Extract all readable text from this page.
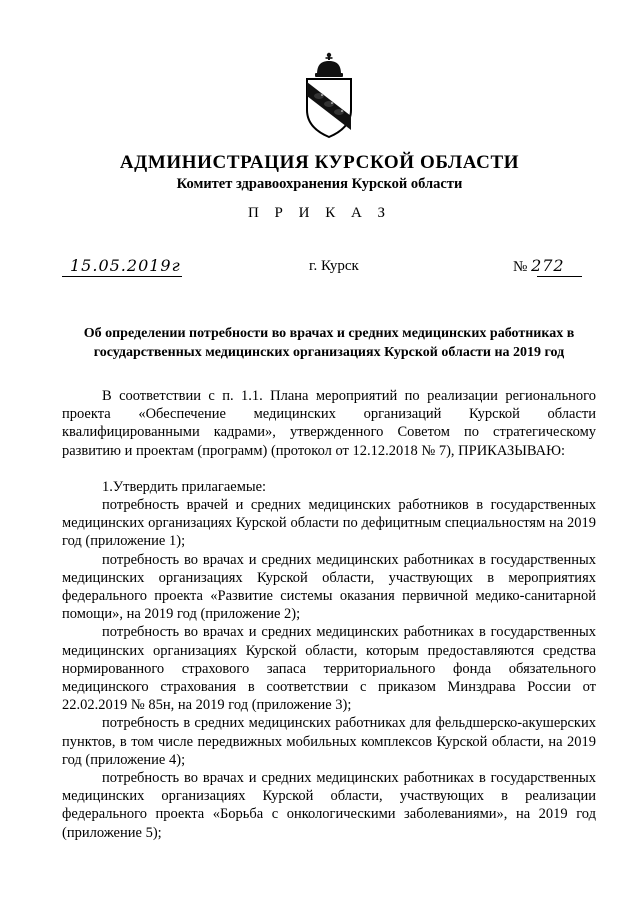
АДМИНИСТРАЦИЯ КУРСКОЙ ОБЛАСТИ
Комитет здравоохранения Курской области
П Р И К А З
15.05.2019г	г. Курск	№ 272
Об определении потребности во врачах и средних медицинских работниках в государственных медицинских организациях Курской области на 2019 год

В соответствии с п. 1.1. Плана мероприятий по реализации регионального проекта «Обеспечение медицинских организаций Курской области квалифицированными кадрами», утвержденного Советом по стратегическому развитию и проектам (программ) (протокол от 12.12.2018 № 7), ПРИКАЗЫВАЮ:

1.Утвердить прилагаемые:

потребность врачей и средних медицинских работников в государственных медицинских организациях Курской области по дефицитным специальностям на 2019 год (приложение 1);

потребность во врачах и средних медицинских работниках в государственных медицинских организациях Курской области, участвующих в мероприятиях федерального проекта «Развитие системы оказания первичной медико-санитарной помощи», на 2019 год (приложение 2);

потребность во врачах и средних медицинских работниках в государственных медицинских организациях Курской области, которым предоставляются средства нормированного страхового запаса территориального фонда обязательного медицинского страхования в соответствии с приказом Минздрава России от 22.02.2019 № 85н, на 2019 год (приложение 3);

потребность в средних медицинских работниках для фельдшерско-акушерских пунктов, в том числе передвижных мобильных комплексов Курской области, на 2019 год (приложение 4);

потребность во врачах и средних медицинских работниках в государственных медицинских организациях Курской области, участвующих в реализации федерального проекта «Борьба с онкологическими заболеваниями», на 2019 год (приложение 5);
